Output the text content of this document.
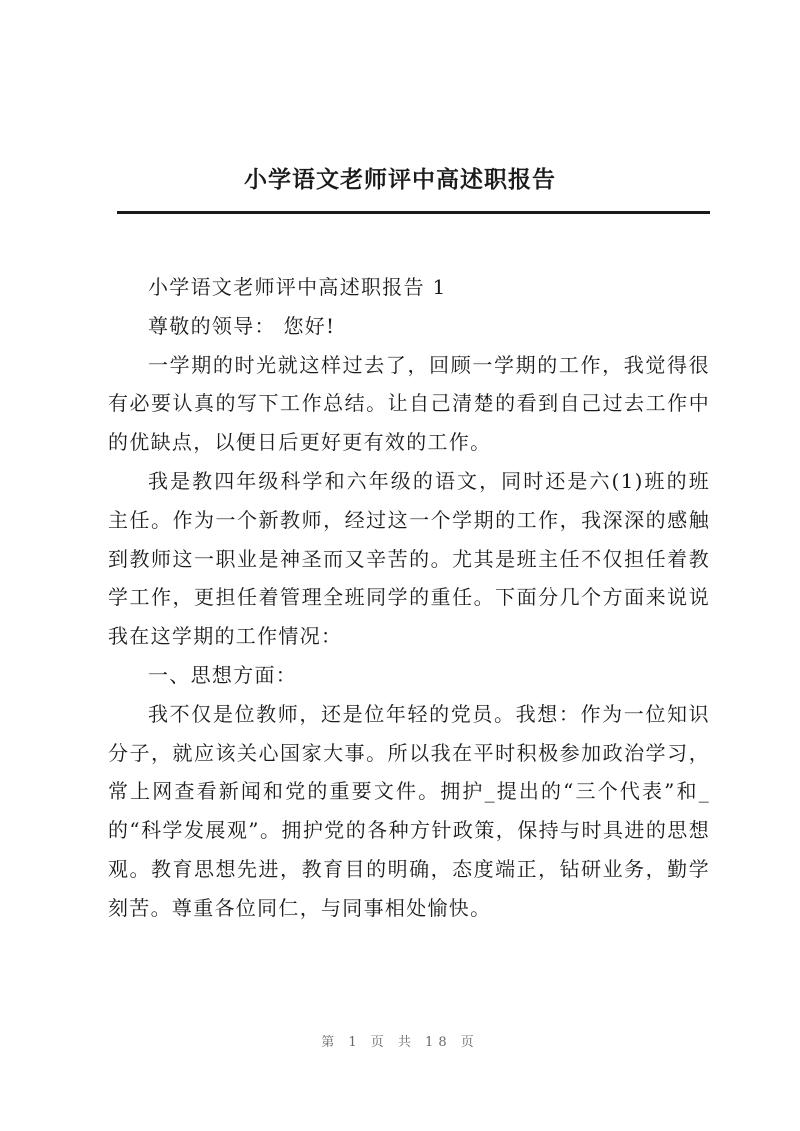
小学语文老师评中高述职报告

小学语文老师评中高述职报告 1

尊敬的领导： 您好!

一学期的时光就这样过去了，回顾一学期的工作，我觉得很有必要认真的写下工作总结。让自己清楚的看到自己过去工作中的优缺点，以便日后更好更有效的工作。

我是教四年级科学和六年级的语文，同时还是六(1)班的班主任。作为一个新教师，经过这一个学期的工作，我深深的感触到教师这一职业是神圣而又辛苦的。尤其是班主任不仅担任着教学工作，更担任着管理全班同学的重任。下面分几个方面来说说我在这学期的工作情况：

一、思想方面：

我不仅是位教师，还是位年轻的党员。我想：作为一位知识分子，就应该关心国家大事。所以我在平时积极参加政治学习，常上网查看新闻和党的重要文件。拥护_提出的“三个代表”和_的“科学发展观”。拥护党的各种方针政策，保持与时具进的思想观。教育思想先进，教育目的明确，态度端正，钻研业务，勤学刻苦。尊重各位同仁，与同事相处愉快。

第 1 页 共 18 页
